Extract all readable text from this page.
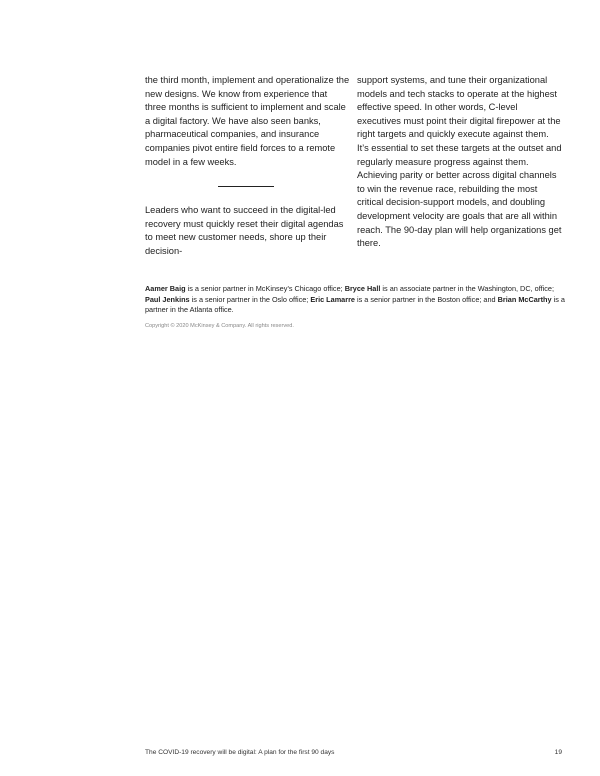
the third month, implement and operationalize the new designs. We know from experience that three months is sufficient to implement and scale a digital factory. We have also seen banks, pharmaceutical companies, and insurance companies pivot entire field forces to a remote model in a few weeks.

Leaders who want to succeed in the digital-led recovery must quickly reset their digital agendas to meet new customer needs, shore up their decision-

support systems, and tune their organizational models and tech stacks to operate at the highest effective speed. In other words, C-level executives must point their digital firepower at the right targets and quickly execute against them. It’s essential to set these targets at the outset and regularly measure progress against them. Achieving parity or better across digital channels to win the revenue race, rebuilding the most critical decision-support models, and doubling development velocity are goals that are all within reach. The 90-day plan will help organizations get there.

Aamer Baig is a senior partner in McKinsey’s Chicago office; Bryce Hall is an associate partner in the Washington, DC, office;
Paul Jenkins is a senior partner in the Oslo office; Eric Lamarre is a senior partner in the Boston office; and Brian McCarthy is a partner in the Atlanta office.

Copyright © 2020 McKinsey & Company. All rights reserved.

The COVID-19 recovery will be digital: A plan for the first 90 days	19
